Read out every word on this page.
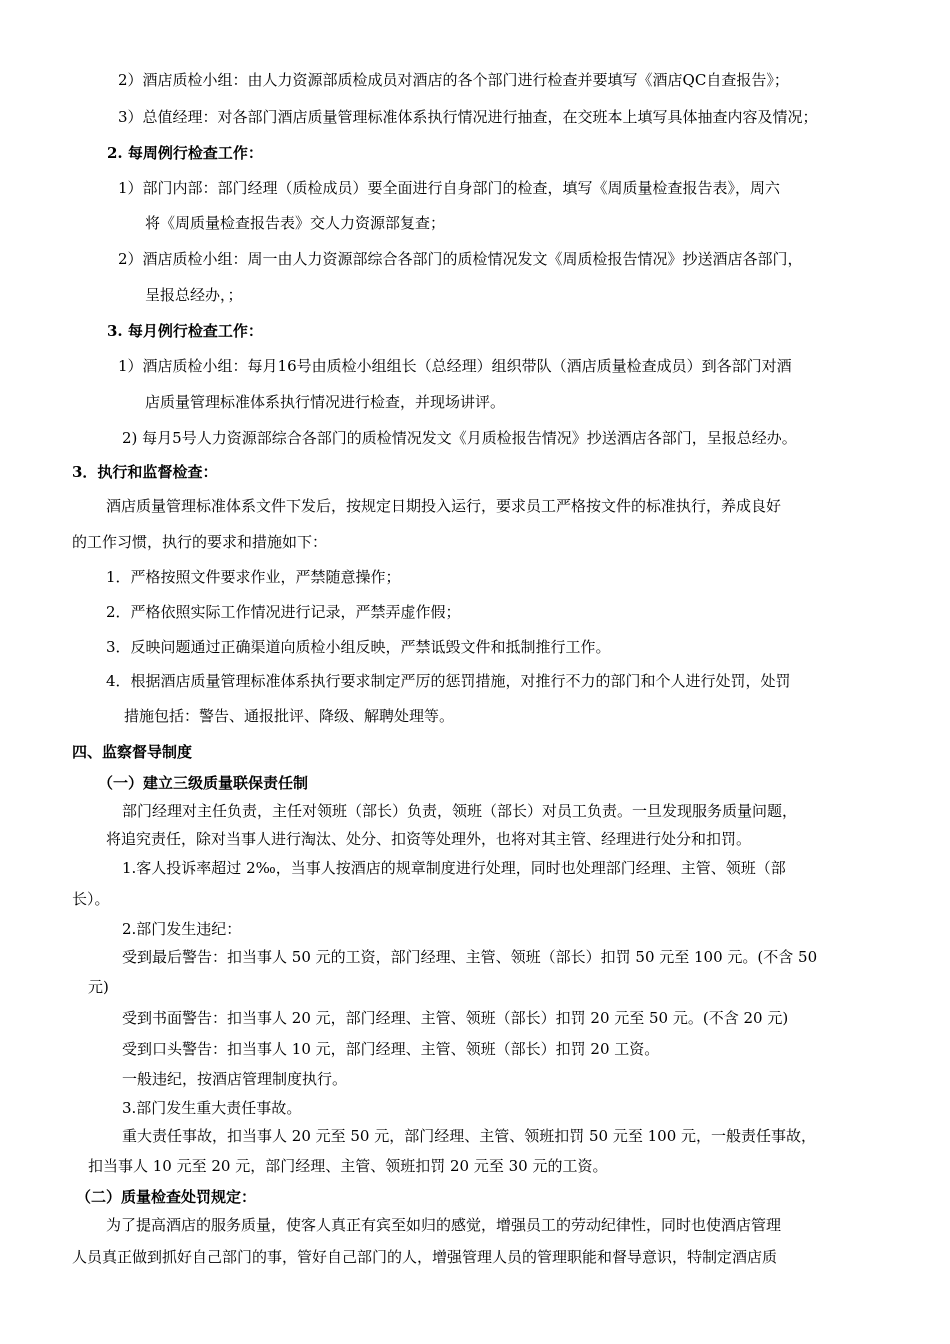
2）酒店质检小组：由人力资源部质检成员对酒店的各个部门进行检查并要填写《酒店QC自查报告》；
3）总值经理：对各部门酒店质量管理标准体系执行情况进行抽查，在交班本上填写具体抽查内容及情况；
2. 每周例行检查工作：
1）部门内部：部门经理（质检成员）要全面进行自身部门的检查，填写《周质量检查报告表》，周六
将《周质量检查报告表》交人力资源部复查；
2）酒店质检小组：周一由人力资源部综合各部门的质检情况发文《周质检报告情况》抄送酒店各部门，
呈报总经办，；
3. 每月例行检查工作：
1）酒店质检小组：每月16号由质检小组组长（总经理）组织带队（酒店质量检查成员）到各部门对酒
店质量管理标准体系执行情况进行检查，并现场讲评。
2) 每月5号人力资源部综合各部门的质检情况发文《月质检报告情况》抄送酒店各部门，呈报总经办。
3．执行和监督检查：
酒店质量管理标准体系文件下发后，按规定日期投入运行，要求员工严格按文件的标准执行，养成良好
的工作习惯，执行的要求和措施如下：
1．严格按照文件要求作业，严禁随意操作；
2．严格依照实际工作情况进行记录，严禁弄虚作假；
3．反映问题通过正确渠道向质检小组反映，严禁诋毁文件和抵制推行工作。
4．根据酒店质量管理标准体系执行要求制定严厉的惩罚措施，对推行不力的部门和个人进行处罚，处罚
措施包括：警告、通报批评、降级、解聘处理等。
四、监察督导制度
（一）建立三级质量联保责任制
部门经理对主任负责，主任对领班（部长）负责，领班（部长）对员工负责。一旦发现服务质量问题，
将追究责任，除对当事人进行淘汰、处分、扣资等处理外，也将对其主管、经理进行处分和扣罚。
1.客人投诉率超过 2‰，当事人按酒店的规章制度进行处理，同时也处理部门经理、主管、领班（部
长）。
2.部门发生违纪：
受到最后警告：扣当事人 50 元的工资，部门经理、主管、领班（部长）扣罚 50 元至 100 元。(不含 50
元)
受到书面警告：扣当事人 20 元，部门经理、主管、领班（部长）扣罚 20 元至 50 元。(不含 20 元)
受到口头警告：扣当事人 10 元，部门经理、主管、领班（部长）扣罚 20 工资。
一般违纪，按酒店管理制度执行。
3.部门发生重大责任事故。
重大责任事故，扣当事人 20 元至 50 元，部门经理、主管、领班扣罚 50 元至 100 元，一般责任事故，
扣当事人 10 元至 20 元，部门经理、主管、领班扣罚 20 元至 30 元的工资。
（二）质量检查处罚规定：
为了提高酒店的服务质量，使客人真正有宾至如归的感觉，增强员工的劳动纪律性，同时也使酒店管理
人员真正做到抓好自己部门的事，管好自己部门的人，增强管理人员的管理职能和督导意识，特制定酒店质
